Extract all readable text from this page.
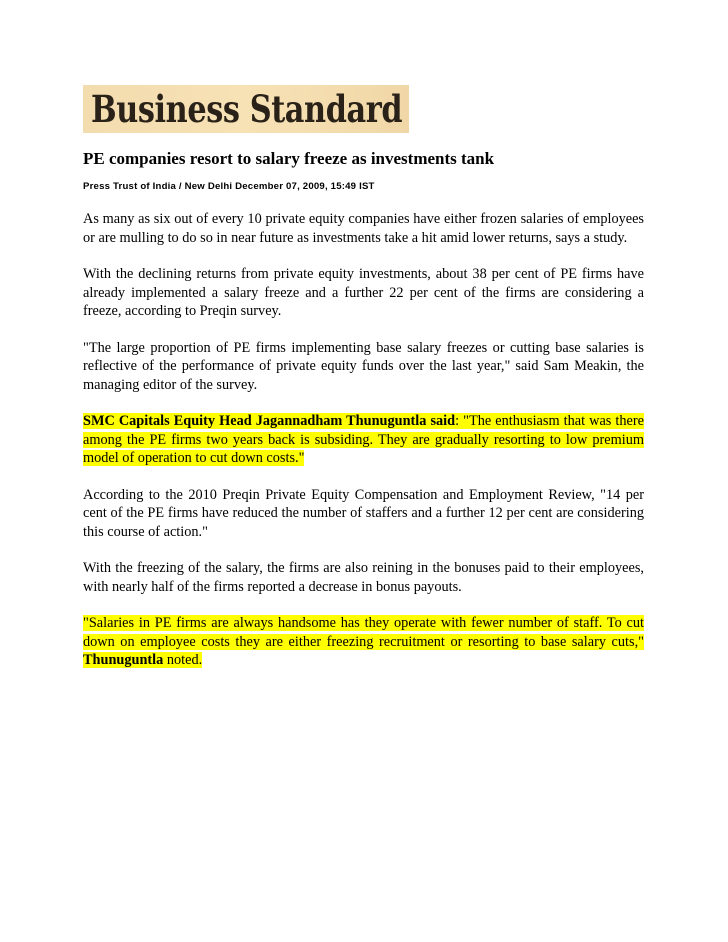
Business Standard
PE companies resort to salary freeze as investments tank
Press Trust of India / New Delhi December 07, 2009, 15:49 IST

As many as six out of every 10 private equity companies have either frozen salaries of employees or are mulling to do so in near future as investments take a hit amid lower returns, says a study.

With the declining returns from private equity investments, about 38 per cent of PE firms have already implemented a salary freeze and a further 22 per cent of the firms are considering a freeze, according to Preqin survey.

"The large proportion of PE firms implementing base salary freezes or cutting base salaries is reflective of the performance of private equity funds over the last year," said Sam Meakin, the managing editor of the survey.

SMC Capitals Equity Head Jagannadham Thunuguntla said: "The enthusiasm that was there among the PE firms two years back is subsiding. They are gradually resorting to low premium model of operation to cut down costs."

According to the 2010 Preqin Private Equity Compensation and Employment Review, "14 per cent of the PE firms have reduced the number of staffers and a further 12 per cent are considering this course of action."

With the freezing of the salary, the firms are also reining in the bonuses paid to their employees, with nearly half of the firms reported a decrease in bonus payouts.

"Salaries in PE firms are always handsome has they operate with fewer number of staff. To cut down on employee costs they are either freezing recruitment or resorting to base salary cuts," Thunuguntla noted.
